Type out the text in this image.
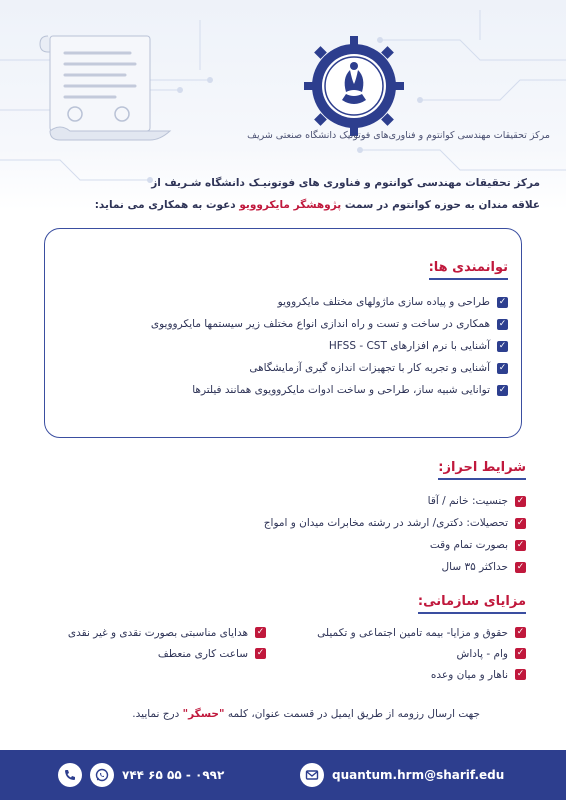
مرکز تحقیقات مهندسی کوانتوم و فناوری‌های فوتونیک دانشگاه صنعتی شریف
مرکز تحقیقات مهندسی کوانتوم و فناوری های فوتونیـک دانشگاه شـریف از
علاقه مندان به حوزه کوانتوم در سمت پژوهشگر مایکروویو دعوت به همکاری می نماید:
توانمندی ها:
✓
طراحی و پیاده سازی ماژولهای مختلف مایکروویو
✓
همکاری در ساخت و تست و راه اندازی انواع مختلف زیر سیستمها مایکروویوی
✓
آشنایی با نرم افزارهای HFSS - CST
✓
آشنایی و تجربه کار با تجهیزات اندازه گیری آزمایشگاهی
✓
توانایی شبیه ساز، طراحی و ساخت ادوات مایکروویوی همانند فیلترها
شرایط احراز:
✓
جنسیت: خانم / آقا
✓
تحصیلات: دکتری/ ارشد در رشته مخابرات میدان و امواج
✓
بصورت تمام وقت
✓
حداکثر ۳۵ سال
مزایای سازمانی:
✓
حقوق و مزایا- بیمه تامین اجتماعی و تکمیلی
✓
وام - پاداش
✓
ناهار و میان وعده
✓
هدایای مناسبتی بصورت نقدی و غیر نقدی
✓
ساعت کاری منعطف
جهت ارسال رزومه از طریق ایمیل در قسمت عنوان، کلمه "حسگر" درج نمایید.
quantum.hrm@sharif.edu
۰۹۹۲ - ۵۵ ۶۵ ۷۴۴
